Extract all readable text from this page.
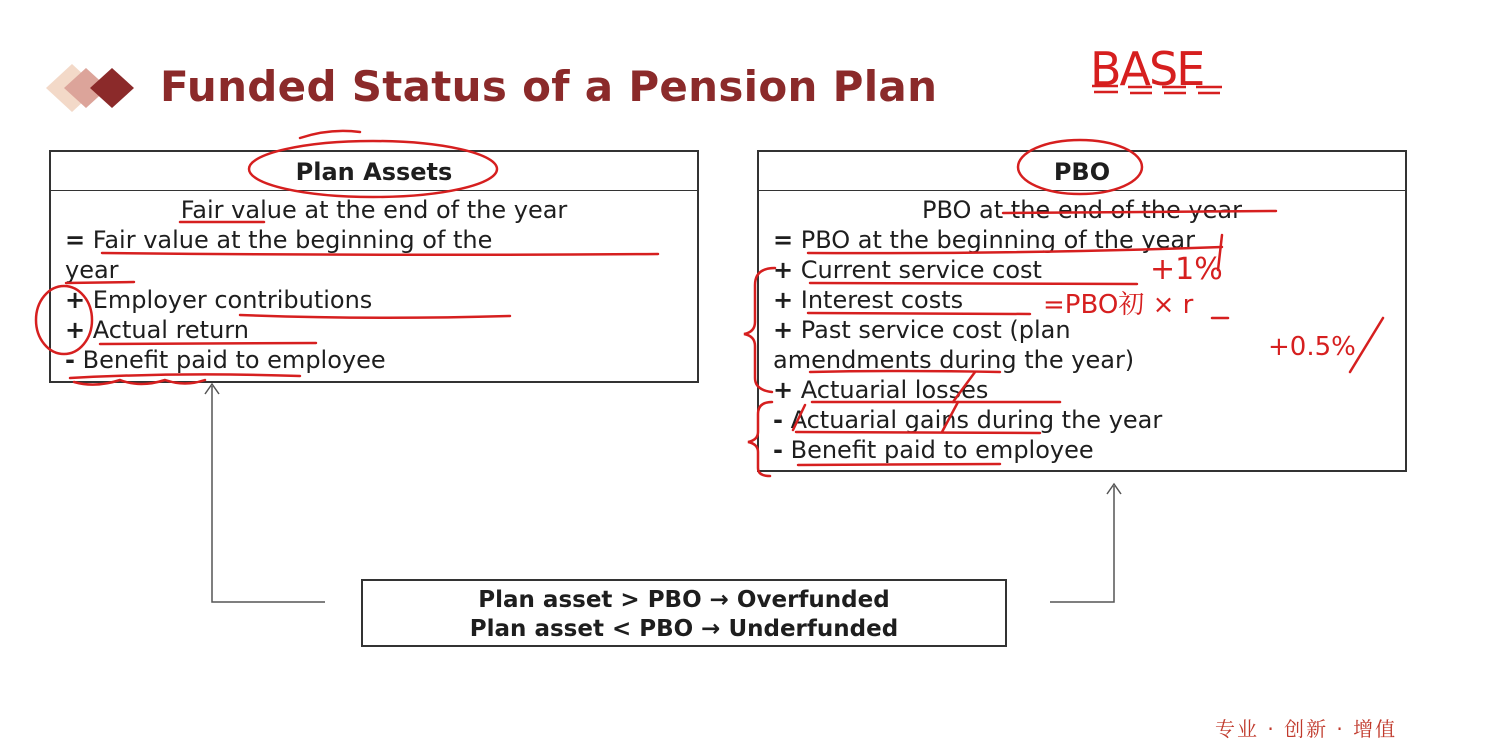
Funded Status of a Pension Plan	BASE
Plan Assets
Fair value at the end of the year
= Fair value at the beginning of the
year
+ Employer contributions
+ Actual return
- Benefit paid to employee
PBO
PBO at the end of the year
= PBO at the beginning of the year
+ Current service cost
+ Interest costs
+ Past service cost (plan
amendments during the year)
+ Actuarial losses
- Actuarial gains during the year
- Benefit paid to employee
+1%
=PBO初 × r
+0.5%
Plan asset > PBO → Overfunded
Plan asset < PBO → Underfunded
专业 · 创新 · 增值
